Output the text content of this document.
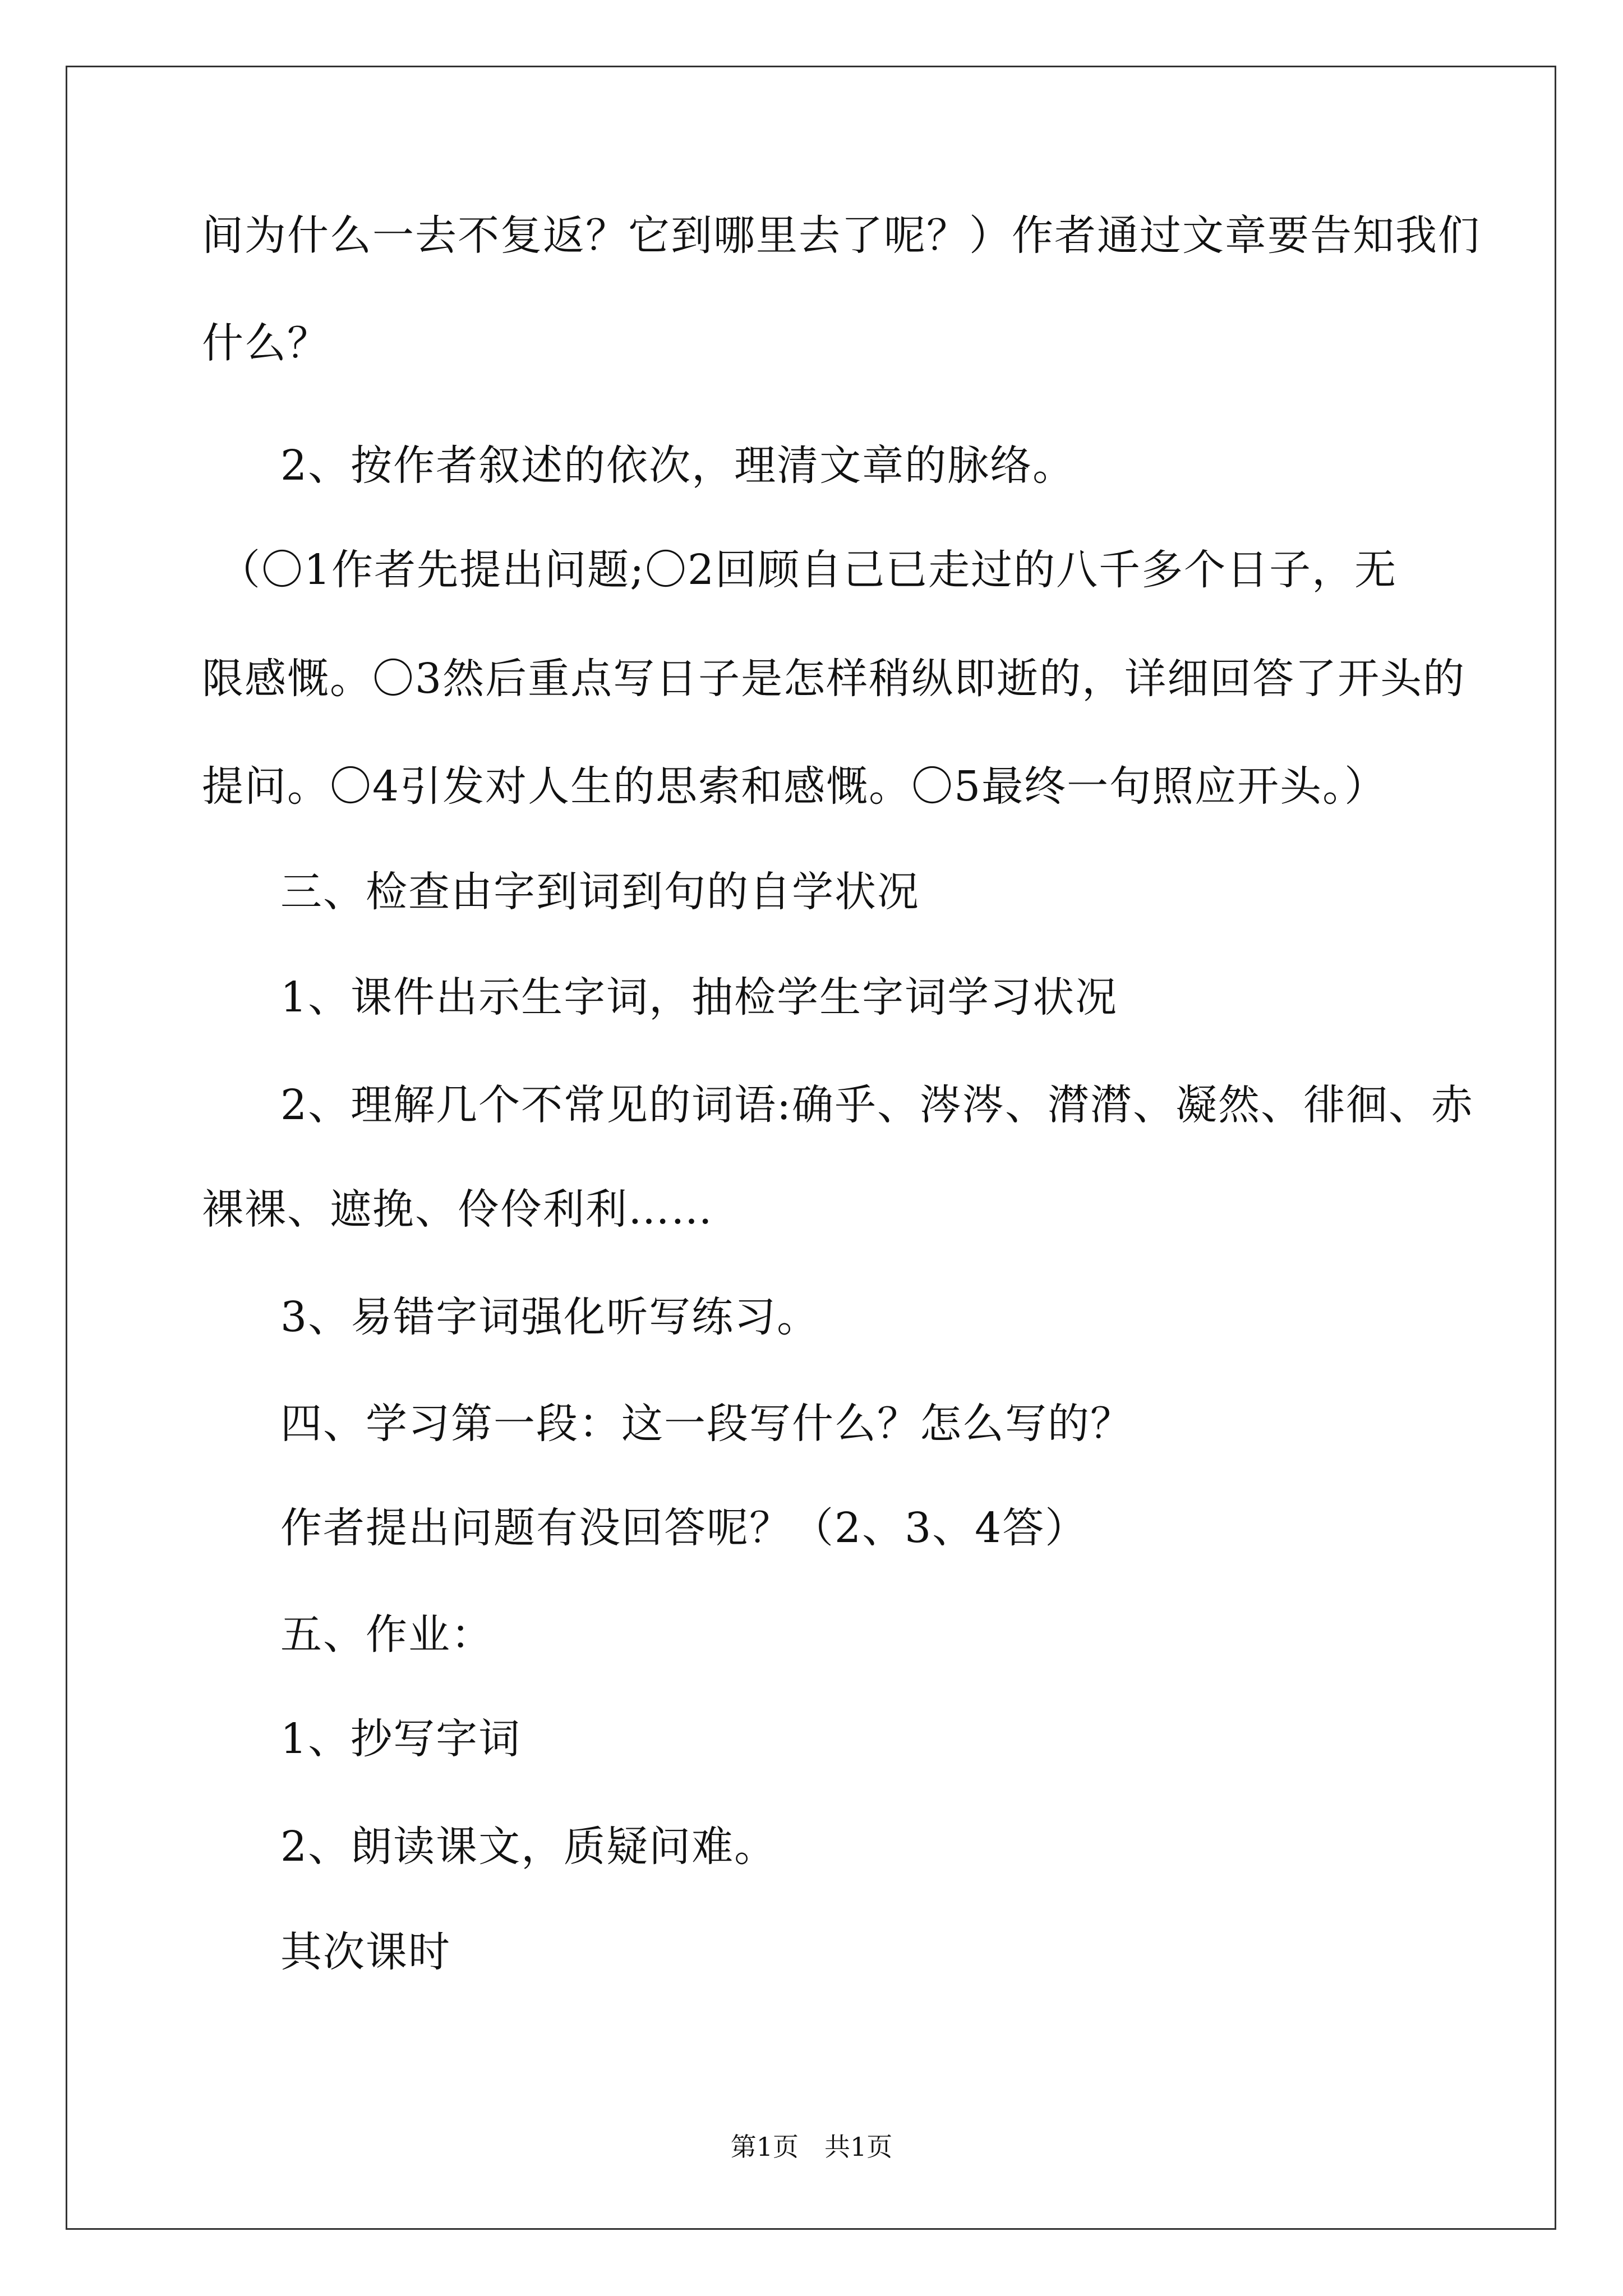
间为什么一去不复返？它到哪里去了呢？）作者通过文章要告知我们
什么？
2、按作者叙述的依次，理清文章的脉络。
（〇1作者先提出问题;〇2回顾自己已走过的八千多个日子，无
限感慨。〇3然后重点写日子是怎样稍纵即逝的，详细回答了开头的
提问。〇4引发对人生的思索和感慨。〇5最终一句照应开头。）
三、检查由字到词到句的自学状况
1、课件出示生字词，抽检学生字词学习状况
2、理解几个不常见的词语:确乎、涔涔、潸潸、凝然、徘徊、赤
裸裸、遮挽、伶伶利利……
3、易错字词强化听写练习。
四、学习第一段：这一段写什么？怎么写的？
作者提出问题有没回答呢？（2、3、4答）
五、作业：
1、抄写字词
2、朗读课文，质疑问难。
其次课时
第1页　共1页
